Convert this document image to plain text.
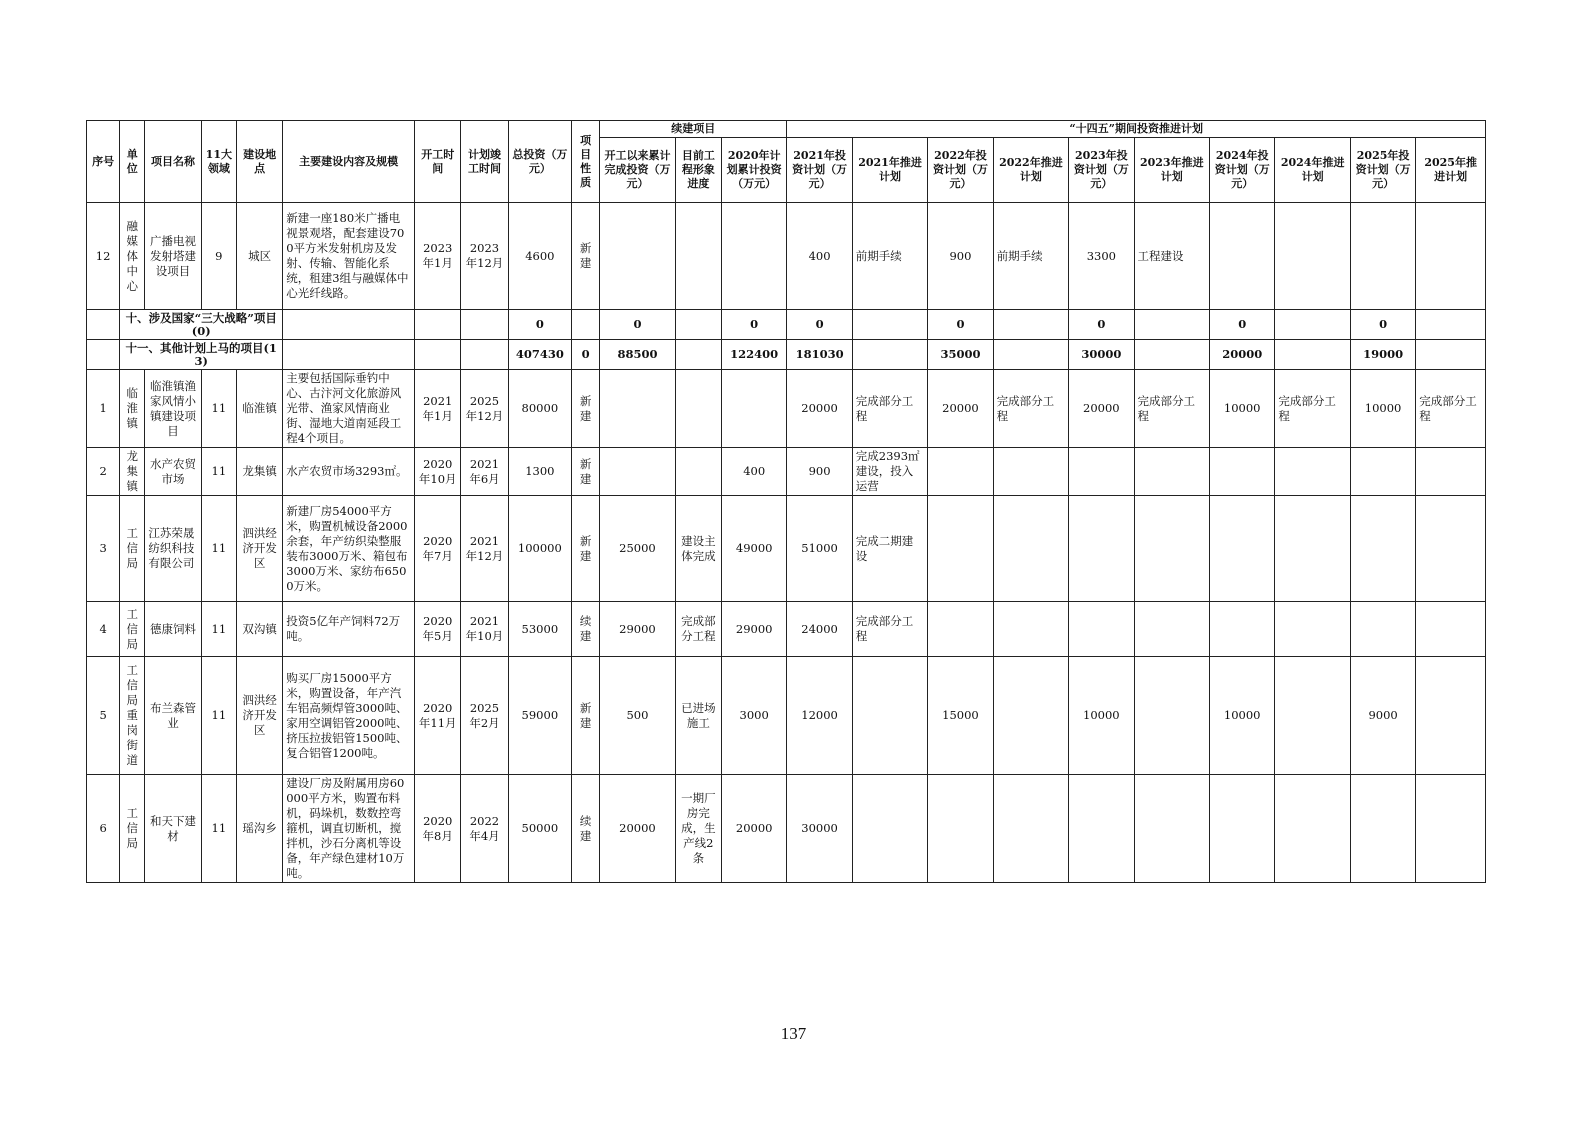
序号	单位	项目名称	11大领域	建设地点	主要建设内容及规模	开工时间	计划竣工时间	总投资（万元）	项目性质	续建项目			“十四五”期间投资推进计划									
										开工以来累计完成投资（万元）	目前工程形象进度	2020年计划累计投资（万元）	2021年投资计划（万元）	2021年推进计划	2022年投资计划（万元）	2022年推进计划	2023年投资计划（万元）	2023年推进计划	2024年投资计划（万元）	2024年推进计划	2025年投资计划（万元）	2025年推进计划
12	融媒体中心	广播电视发射塔建设项目	9	城区	新建一座180米广播电视景观塔，配套建设700平方米发射机房及发射、传输、智能化系统，租建3组与融媒体中心光纤线路。	2023年1月	2023年12月	4600	新建				400	前期手续	900	前期手续	3300	工程建设				
	十、涉及国家“三大战略”项目(0)							0		0		0	0		0		0		0		0	
	十一、其他计划上马的项目(13)							407430	0	88500		122400	181030		35000		30000		20000		19000	
1	临淮镇	临淮镇渔家风情小镇建设项目	11	临淮镇	主要包括国际垂钓中心、古汴河文化旅游风光带、渔家风情商业街、湿地大道南延段工程4个项目。	2021年1月	2025年12月	80000	新建				20000	完成部分工程	20000	完成部分工程	20000	完成部分工程	10000	完成部分工程	10000	完成部分工程
2	龙集镇	水产农贸市场	11	龙集镇	水产农贸市场3293㎡。	2020年10月	2021年6月	1300	新建			400	900	完成2393㎡建设，投入运营								
3	工信局	江苏荣晟纺织科技有限公司	11	泗洪经济开发区	新建厂房54000平方米，购置机械设备2000余套，年产纺织染整服装布3000万米、箱包布3000万米、家纺布6500万米。	2020年7月	2021年12月	100000	新建	25000	建设主体完成	49000	51000	完成二期建设								
4	工信局	德康饲料	11	双沟镇	投资5亿年产饲料72万吨。	2020年5月	2021年10月	53000	续建	29000	完成部分工程	29000	24000	完成部分工程								
5	工信局重岗街道	布兰森管业	11	泗洪经济开发区	购买厂房15000平方米，购置设备，年产汽车铝高频焊管3000吨、家用空调铝管2000吨、挤压拉拔铝管1500吨、复合铝管1200吨。	2020年11月	2025年2月	59000	新建	500	已进场施工	3000	12000		15000		10000		10000		9000	
6	工信局	和天下建材	11	瑶沟乡	建设厂房及附属用房60000平方米，购置布料机，码垛机，数数控弯箍机，调直切断机，搅拌机，沙石分离机等设备，年产绿色建材10万吨。	2020年8月	2022年4月	50000	续建	20000	一期厂房完成，生产线2条	20000	30000									
137
